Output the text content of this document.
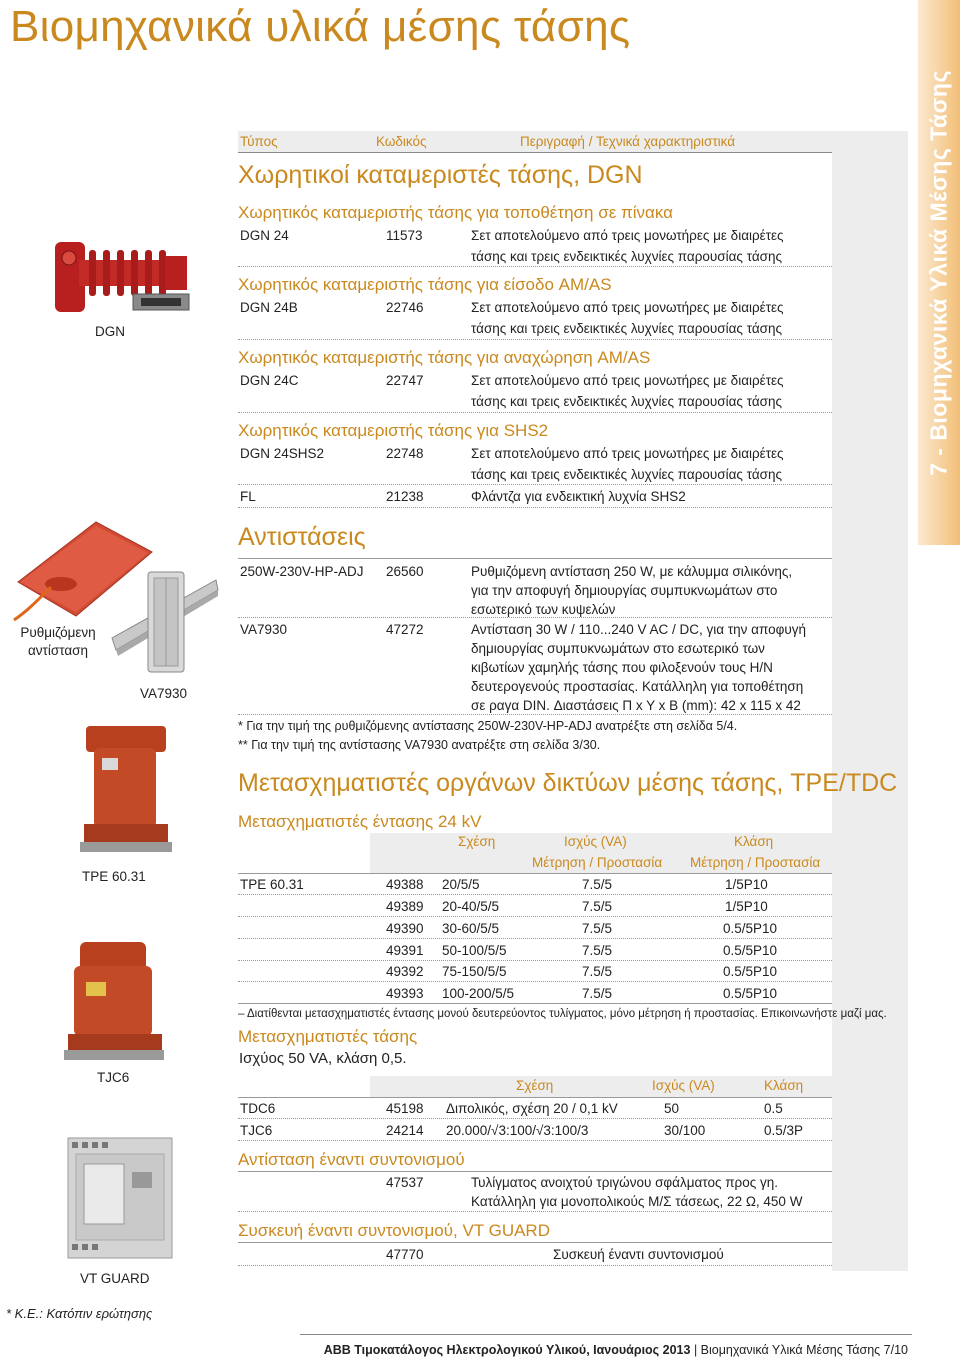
Βιομηχανικά υλικά μέσης τάσης
7 - Βιομηχανικά Υλικά Μέσης Τάσης
Τύπος	Κωδικός	Περιγραφή / Τεχνικά χαρακτηριστικά
Χωρητικοί καταμεριστές τάσης, DGN
Χωρητικός καταμεριστής τάσης για τοποθέτηση σε πίνακα
DGN 24	11573	Σετ αποτελούμενο από τρεις μονωτήρες με διαιρέτες
τάσης και τρεις ενδεικτικές λυχνίες παρουσίας τάσης
Χωρητικός καταμεριστής τάσης για είσοδο AM/AS
DGN 24B	22746	Σετ αποτελούμενο από τρεις μονωτήρες με διαιρέτες
τάσης και τρεις ενδεικτικές λυχνίες παρουσίας τάσης
Χωρητικός καταμεριστής τάσης για αναχώρηση AM/AS
DGN 24C	22747	Σετ αποτελούμενο από τρεις μονωτήρες με διαιρέτες
τάσης και τρεις ενδεικτικές λυχνίες παρουσίας τάσης
Χωρητικός καταμεριστής τάσης για SHS2
DGN 24SHS2	22748	Σετ αποτελούμενο από τρεις μονωτήρες με διαιρέτες
τάσης και τρεις ενδεικτικές λυχνίες παρουσίας τάσης
FL	21238	Φλάντζα για ενδεικτική λυχνία SHS2
DGN
Αντιστάσεις
250W-230V-HP-ADJ 26560	Ρυθμιζόμενη αντίσταση 250 W, με κάλυμμα σιλικόνης,
για την αποφυγή δημιουργίας συμπυκνωμάτων στο
εσωτερικό των κυψελών
VA7930	47272	Αντίσταση 30 W / 110...240 V AC / DC, για την αποφυγή
δημιουργίας συμπυκνωμάτων στο εσωτερικό των
κιβωτίων χαμηλής τάσης που φιλοξενούν τους Η/Ν
δευτερογενούς προστασίας. Κατάλληλη για τοποθέτηση
σε ραγα DIN. Διαστάσεις Π x Y x Β (mm): 42 x 115 x 42
* Για την τιμή της ρυθμιζόμενης αντίστασης 250W-230V-HP-ADJ ανατρέξτε στη σελίδα 5/4.
** Για την τιμή της αντίστασης VA7930 ανατρέξτε στη σελίδα 3/30.
Ρυθμιζόμενη αντίσταση
VA7930
Μετασχηματιστές οργάνων δικτύων μέσης τάσης, TPE/TDC
Μετασχηματιστές έντασης 24 kV
Σχέση	Ισχύς (VA)	Κλάση
Μέτρηση / Προστασία Μέτρηση / Προστασία
TPE 60.31	49388 20/5/5	7.5/5	1/5P10
49389 20-40/5/5	7.5/5	1/5P10
49390 30-60/5/5	7.5/5	0.5/5P10
49391 50-100/5/5	7.5/5	0.5/5P10
49392 75-150/5/5	7.5/5	0.5/5P10
49393 100-200/5/5	7.5/5	0.5/5P10
– Διατίθενται μετασχηματιστές έντασης μονού δευτερεύοντος τυλίγματος, μόνο μέτρηση ή προστασίας. Επικοινωνήστε μαζί μας.
Μετασχηματιστές τάσης
Ισχύος 50 VA, κλάση 0,5.
Σχέση	Ισχύς (VA)	Κλάση
TDC6	45198 Διπολικός, σχέση 20 / 0,1 kV	50	0.5
TJC6	24214 20.000/√3:100/√3:100/3	30/100	0.5/3P
Αντίσταση έναντι συντονισμού
47537	Τυλίγματος ανοιχτού τριγώνου σφάλματος προς γη.
Κατάλληλη για μονοπολικούς Μ/Σ τάσεως, 22 Ω, 450 W
Συσκευή έναντι συντονισμού, VT GUARD
47770	Συσκευή έναντι συντονισμού
TPE 60.31
TJC6
VT GUARD
* Κ.Ε.: Κατόπιν ερώτησης
ABB Τιμοκατάλογος Ηλεκτρολογικού Υλικού, Ιανουάριος 2013 | Βιομηχανικά Υλικά Μέσης Τάσης 7/10
